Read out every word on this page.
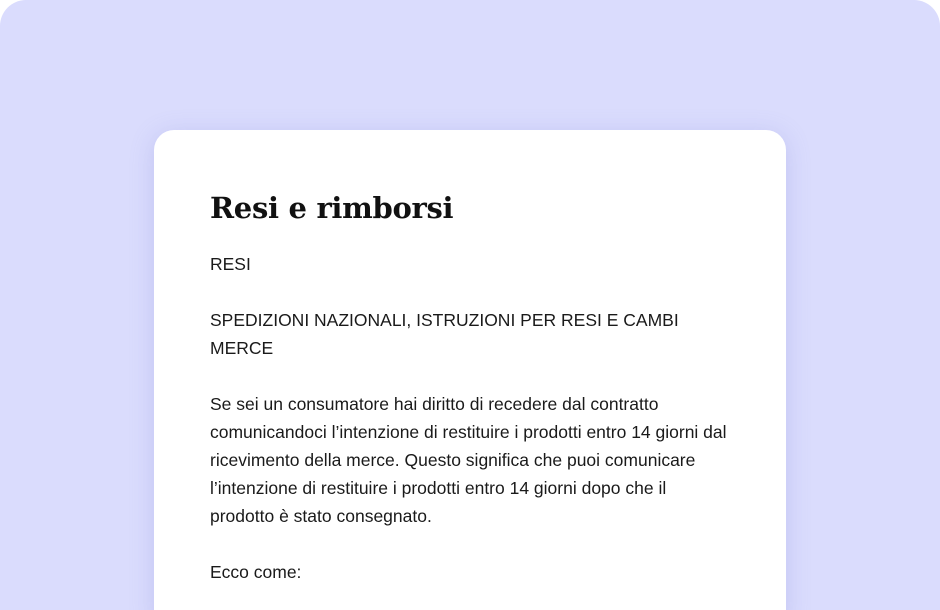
Resi e rimborsi

RESI

SPEDIZIONI NAZIONALI, ISTRUZIONI PER RESI E CAMBI MERCE

Se sei un consumatore hai diritto di recedere dal contratto comunicandoci l’intenzione di restituire i prodotti entro 14 giorni dal ricevimento della merce. Questo significa che puoi comunicare l’intenzione di restituire i prodotti entro 14 giorni dopo che il prodotto è stato consegnato.

Ecco come:
